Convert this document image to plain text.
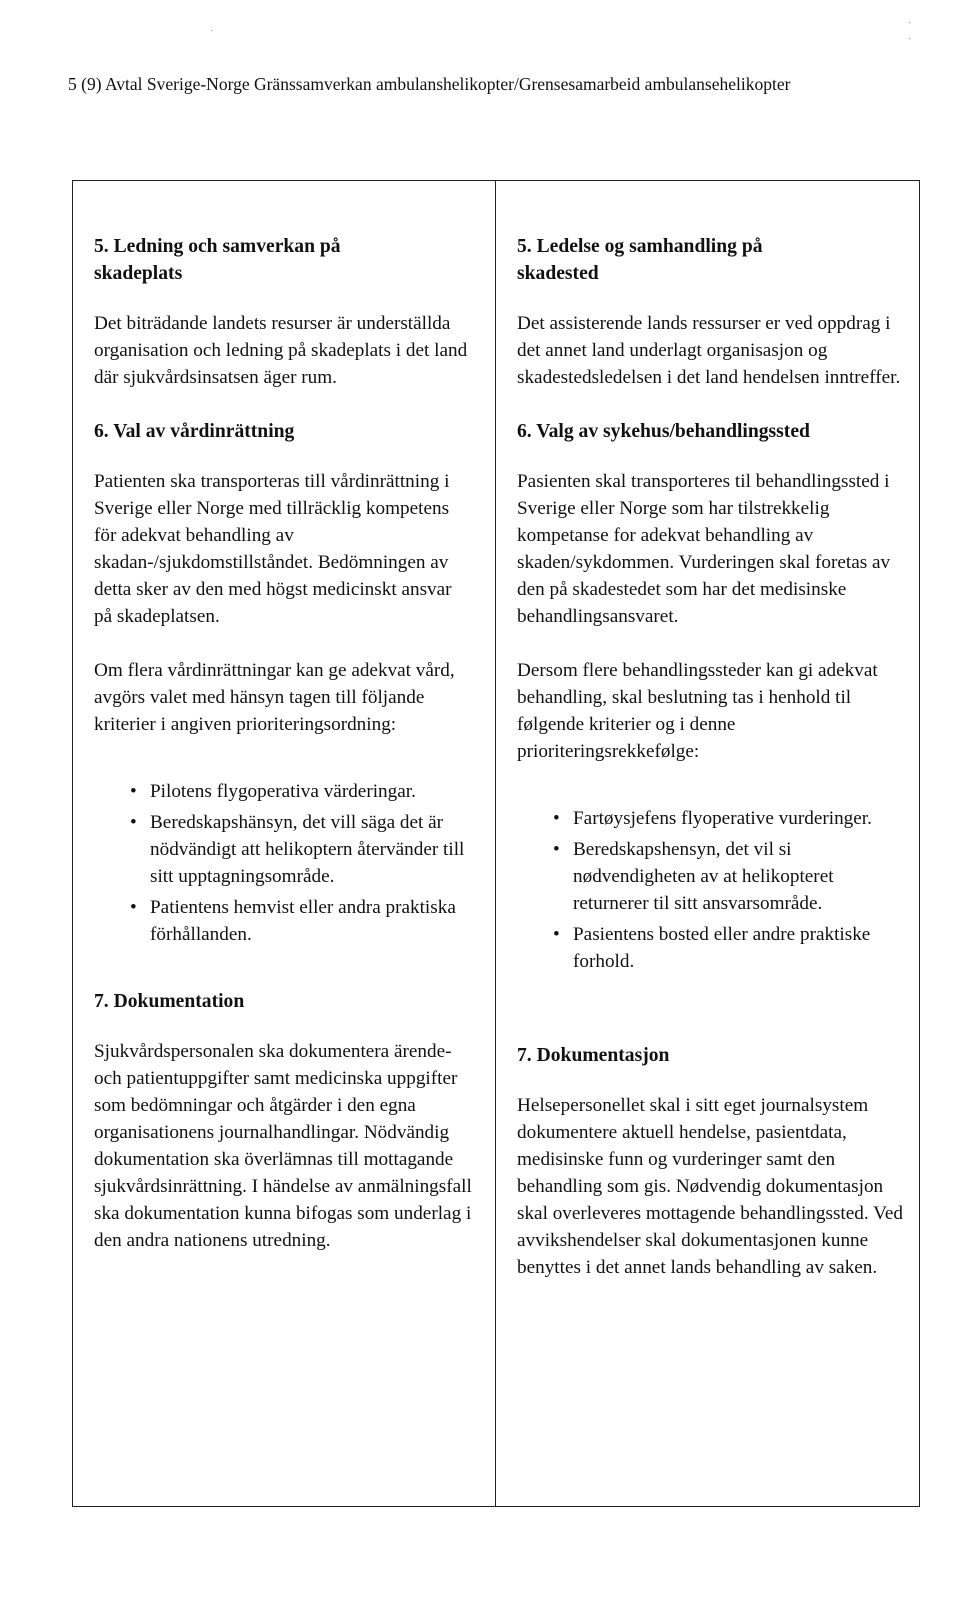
5 (9) Avtal Sverige-Norge Gränssamverkan ambulanshelikopter/Grensesamarbeid ambulansehelikopter
5. Ledning och samverkan på skadeplats

Det biträdande landets resurser är underställda organisation och ledning på skadeplats i det land där sjukvårdsinsatsen äger rum.

6. Val av vårdinrättning

Patienten ska transporteras till vårdinrättning i Sverige eller Norge med tillräcklig kompetens för adekvat behandling av skadan-/sjukdomstillståndet. Bedömningen av detta sker av den med högst medicinskt ansvar på skadeplatsen.

Om flera vårdinrättningar kan ge adekvat vård, avgörs valet med hänsyn tagen till följande kriterier i angiven prioriteringsordning:

• Pilotens flygoperativa värderingar.
• Beredskapshänsyn, det vill säga det är nödvändigt att helikoptern återvänder till sitt upptagningsområde.
• Patientens hemvist eller andra praktiska förhållanden.
7. Dokumentation

Sjukvårdspersonalen ska dokumentera ärende- och patientuppgifter samt medicinska uppgifter som bedömningar och åtgärder i den egna organisationens journalhandlingar. Nödvändig dokumentation ska överlämnas till mottagande sjukvårdsinrättning. I händelse av anmälningsfall ska dokumentation kunna bifogas som underlag i den andra nationens utredning.

5. Ledelse og samhandling på skadested

Det assisterende lands ressurser er ved oppdrag i det annet land underlagt organisasjon og skadestedsledelsen i det land hendelsen inntreffer.

6. Valg av sykehus/behandlingssted

Pasienten skal transporteres til behandlingssted i Sverige eller Norge som har tilstrekkelig kompetanse for adekvat behandling av skaden/sykdommen. Vurderingen skal foretas av den på skadestedet som har det medisinske behandlingsansvaret.

Dersom flere behandlingssteder kan gi adekvat behandling, skal beslutning tas i henhold til følgende kriterier og i denne prioriteringsrekkefølge:

• Fartøysjefens flyoperative vurderinger.
• Beredskapshensyn, det vil si nødvendigheten av at helikopteret returnerer til sitt ansvarsområde.
• Pasientens bosted eller andre praktiske forhold.
7. Dokumentasjon

Helsepersonellet skal i sitt eget journalsystem dokumentere aktuell hendelse, pasientdata, medisinske funn og vurderinger samt den behandling som gis. Nødvendig dokumentasjon skal overleveres mottagende behandlingssted. Ved avvikshendelser skal dokumentasjonen kunne benyttes i det annet lands behandling av saken.

·
·
·
